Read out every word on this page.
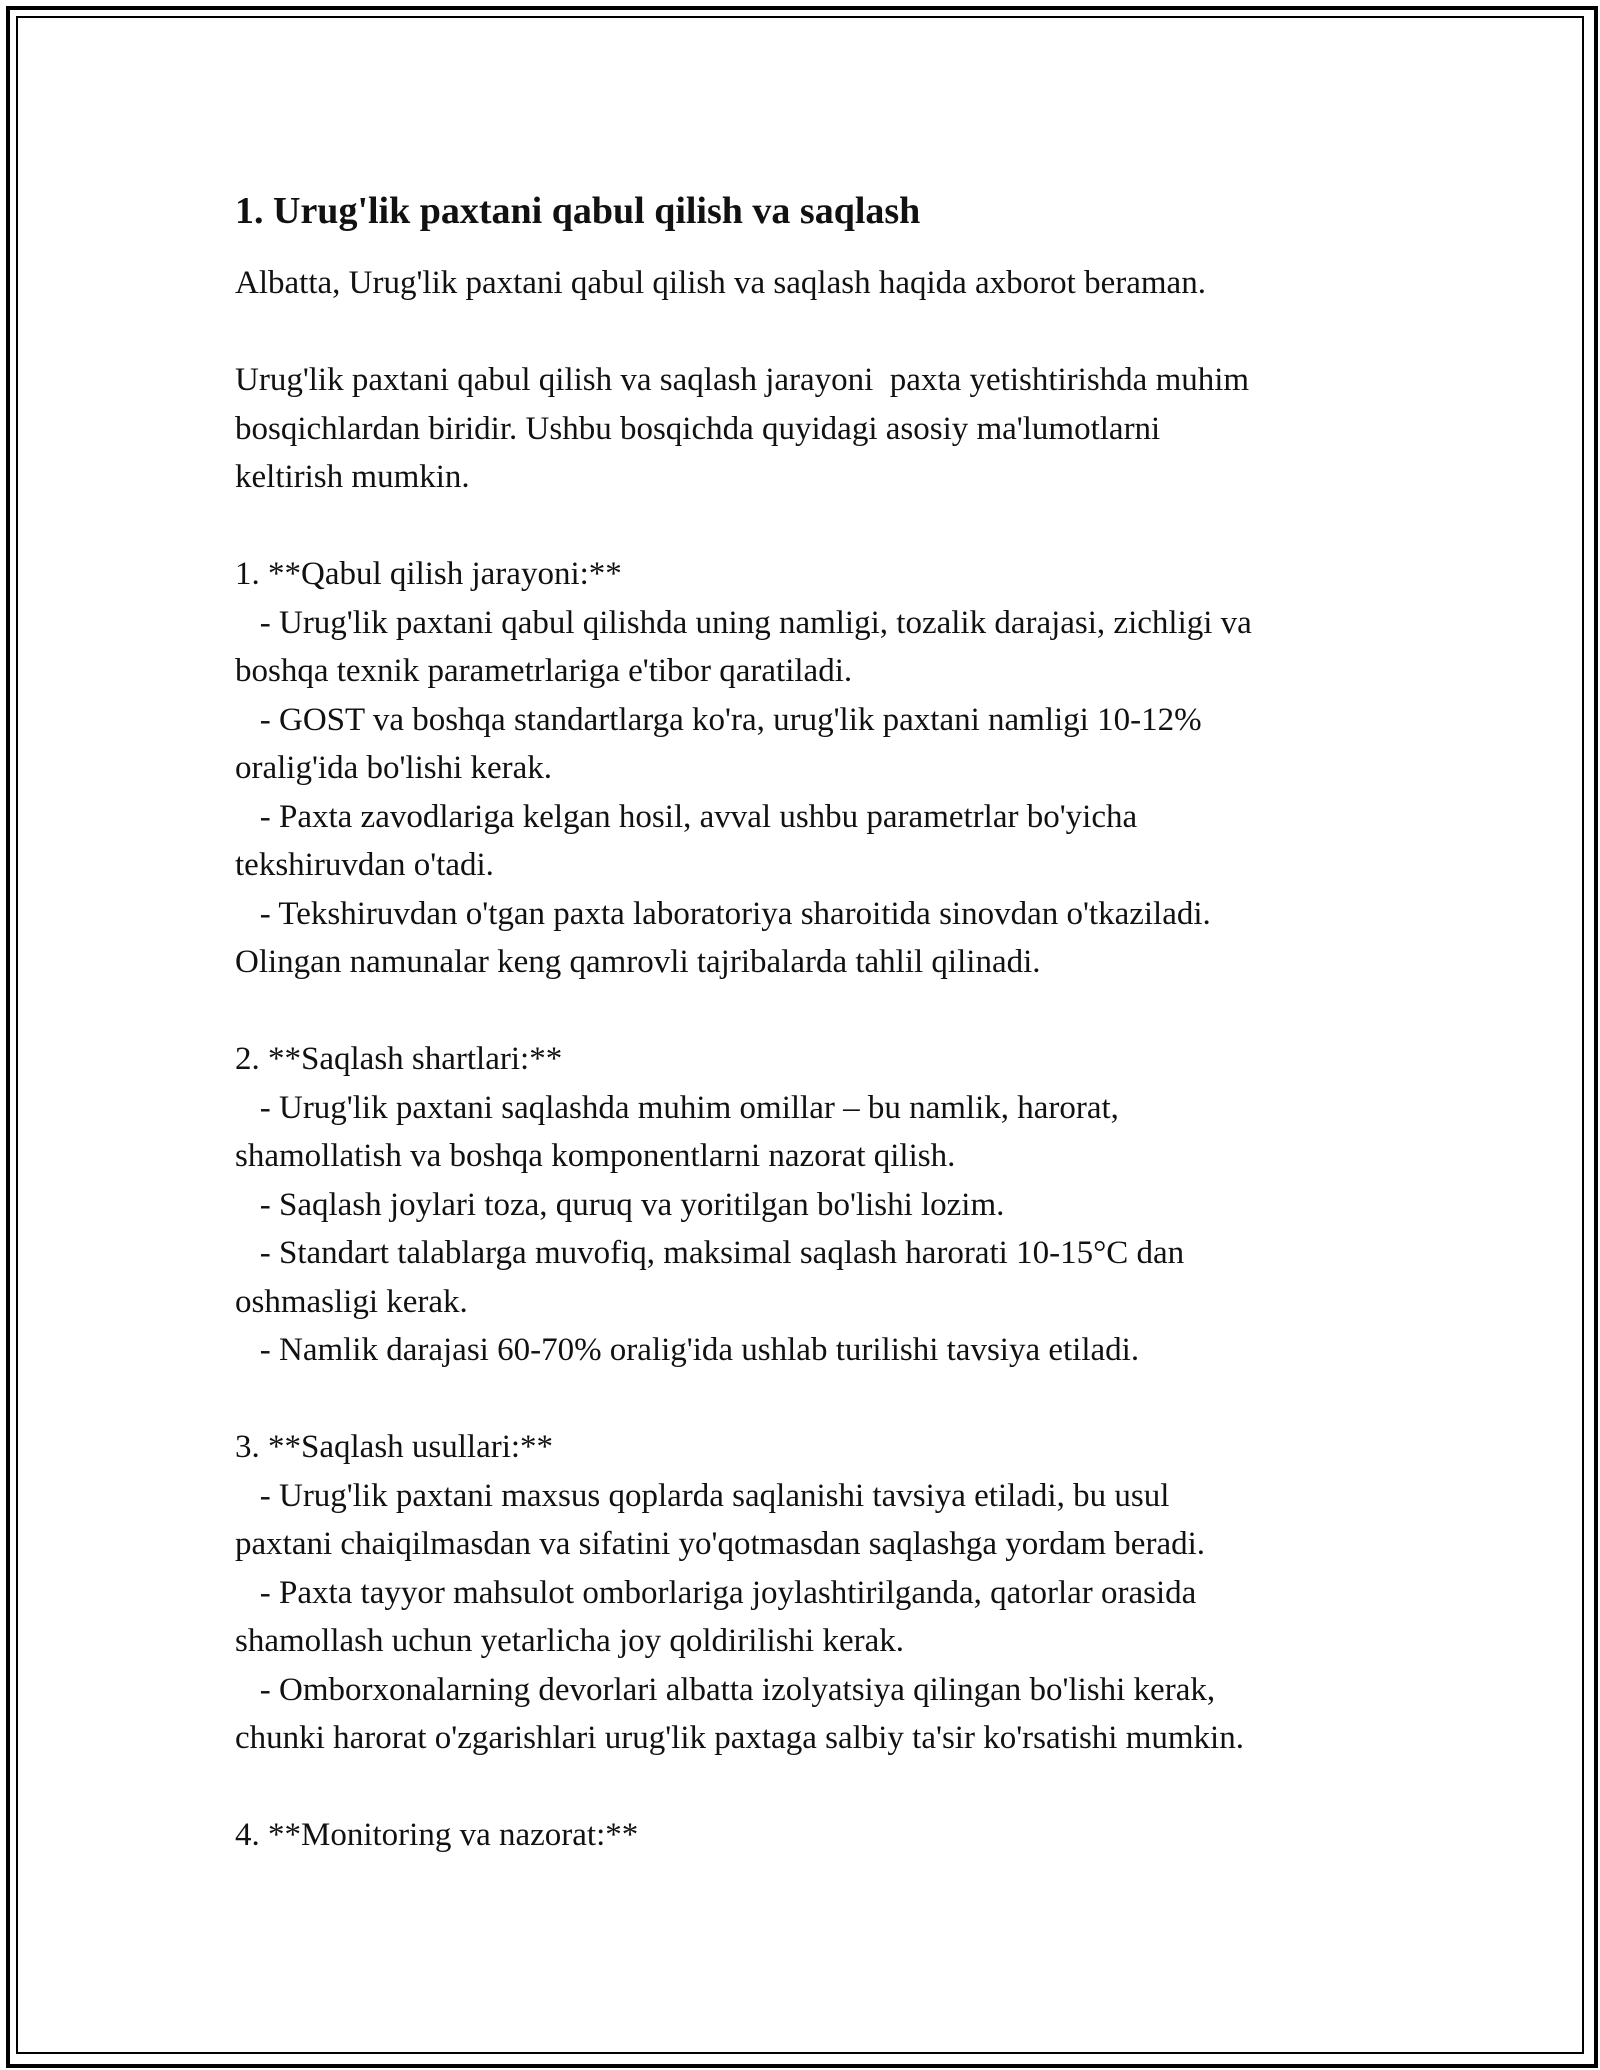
1. Urug'lik paxtani qabul qilish va saqlash

Albatta, Urug'lik paxtani qabul qilish va saqlash haqida axborot beraman.

Urug'lik paxtani qabul qilish va saqlash jarayoni  paxta yetishtirishda muhim
bosqichlardan biridir. Ushbu bosqichda quyidagi asosiy ma'lumotlarni
keltirish mumkin.

1. **Qabul qilish jarayoni:**

- Urug'lik paxtani qabul qilishda uning namligi, tozalik darajasi, zichligi va
boshqa texnik parametrlariga e'tibor qaratiladi.
- GOST va boshqa standartlarga ko'ra, urug'lik paxtani namligi 10-12%
oralig'ida bo'lishi kerak.
- Paxta zavodlariga kelgan hosil, avval ushbu parametrlar bo'yicha
tekshiruvdan o'tadi.
- Tekshiruvdan o'tgan paxta laboratoriya sharoitida sinovdan o'tkaziladi.
Olingan namunalar keng qamrovli tajribalarda tahlil qilinadi.

2. **Saqlash shartlari:**

- Urug'lik paxtani saqlashda muhim omillar – bu namlik, harorat,
shamollatish va boshqa komponentlarni nazorat qilish.
- Saqlash joylari toza, quruq va yoritilgan bo'lishi lozim.
- Standart talablarga muvofiq, maksimal saqlash harorati 10-15°C dan
oshmasligi kerak.
- Namlik darajasi 60-70% oralig'ida ushlab turilishi tavsiya etiladi.

3. **Saqlash usullari:**

- Urug'lik paxtani maxsus qoplarda saqlanishi tavsiya etiladi, bu usul
paxtani chaiqilmasdan va sifatini yo'qotmasdan saqlashga yordam beradi.
- Paxta tayyor mahsulot omborlariga joylashtirilganda, qatorlar orasida
shamollash uchun yetarlicha joy qoldirilishi kerak.
- Omborxonalarning devorlari albatta izolyatsiya qilingan bo'lishi kerak,
chunki harorat o'zgarishlari urug'lik paxtaga salbiy ta'sir ko'rsatishi mumkin.

4. **Monitoring va nazorat:**
